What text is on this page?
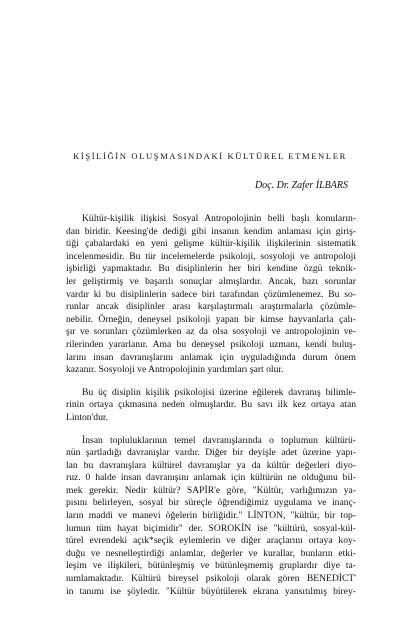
KİŞİLİĞİN OLUŞMASINDAKİ KÜLTÜREL ETMENLER
Doç. Dr. Zafer İLBARS
Kültür-kişilik ilişkisi Sosyal Antropolojinin belli başlı konuların-
dan biridir. Keesing'de dediği gibi insanın kendim anlaması için giriş-
tiği çabalardaki en yeni gelişme kültür-kişilik ilişkilerinin sistematik
incelenmesidir. Bu tür incelemelerde psikoloji, sosyoloji ve antropoloji
işbirliği yapmaktadır. Bu disiplinlerin her biri kendine özgü teknik-
ler geliştirmiş ve başarılı sonuçlar almışlardır. Ancak, bazı sorunlar
vardır ki bu disiplinlerin sadece biri tarafından çözümlenemez. Bu so-
runlar ancak disiplinler arası karşılaştırmalı araştırmalarla çözümle-
nebilir. Örneğin, deneysel psikoloji yapan bir kimse hayvanlarla çalı-
şır ve sorunları çözümlerken az da olsa sosyoloji ve antropolojinin ve-
rilerinden yararlanır. Ama bu deneysel psikoloji uzmanı, kendi buluş-
larını insan davranışlarını anlamak için uyguladığında durum önem
kazanır. Sosyoloji ve Antropolojinin yardımları şart olur.
Bu üç disiplin kişilik psikolojisi üzerine eğilerek davranış bilimle-
rinin ortaya çıkmasına neden olmuşlardır. Bu savı ilk kez ortaya atan
Linton'dur.
İnsan topluluklarının temel davranışlarında o toplumun kültürü-
nün şartladığı davranışlar vardır. Diğer bir deyişle adet üzerine yapı-
lan bu davranışlara kültürel davranışlar ya da kültür değerleri diyo-
ruz. 0 halde insan davranışını anlamak için kültürün ne olduğunu bil-
mek gerekir. Nedir kültür? SAPİR'e göre, "Kültür, varlığımızın ya-
pısını belirleyen, sosyal bir süreçle öğrendiğimiz uygulama ve inanç-
ların maddi ve manevi öğelerin birliğidir." LİNTON, "kültür, bir top-
lumun tüm hayat biçimidir" der. SOROKİN ise "kültürü, sosyal-kül-
türel evrendeki açık*seçik eylemlerin ve diğer araçlarını ortaya koy-
duğu ve nesnelleştirdiği anlamlar, değerler ve kurallar, bunların etki-
leşim ve ilişkileri, bütünleşmiş ve bütünleşmemiş gruplardır diye ta-
nımlamaktadır. Kültürü bireysel psikoloji olarak gören BENEDİCT'
in tanımı ise şöyledir. "Kültür büyütülerek ekrana yansıtılmış birey-
